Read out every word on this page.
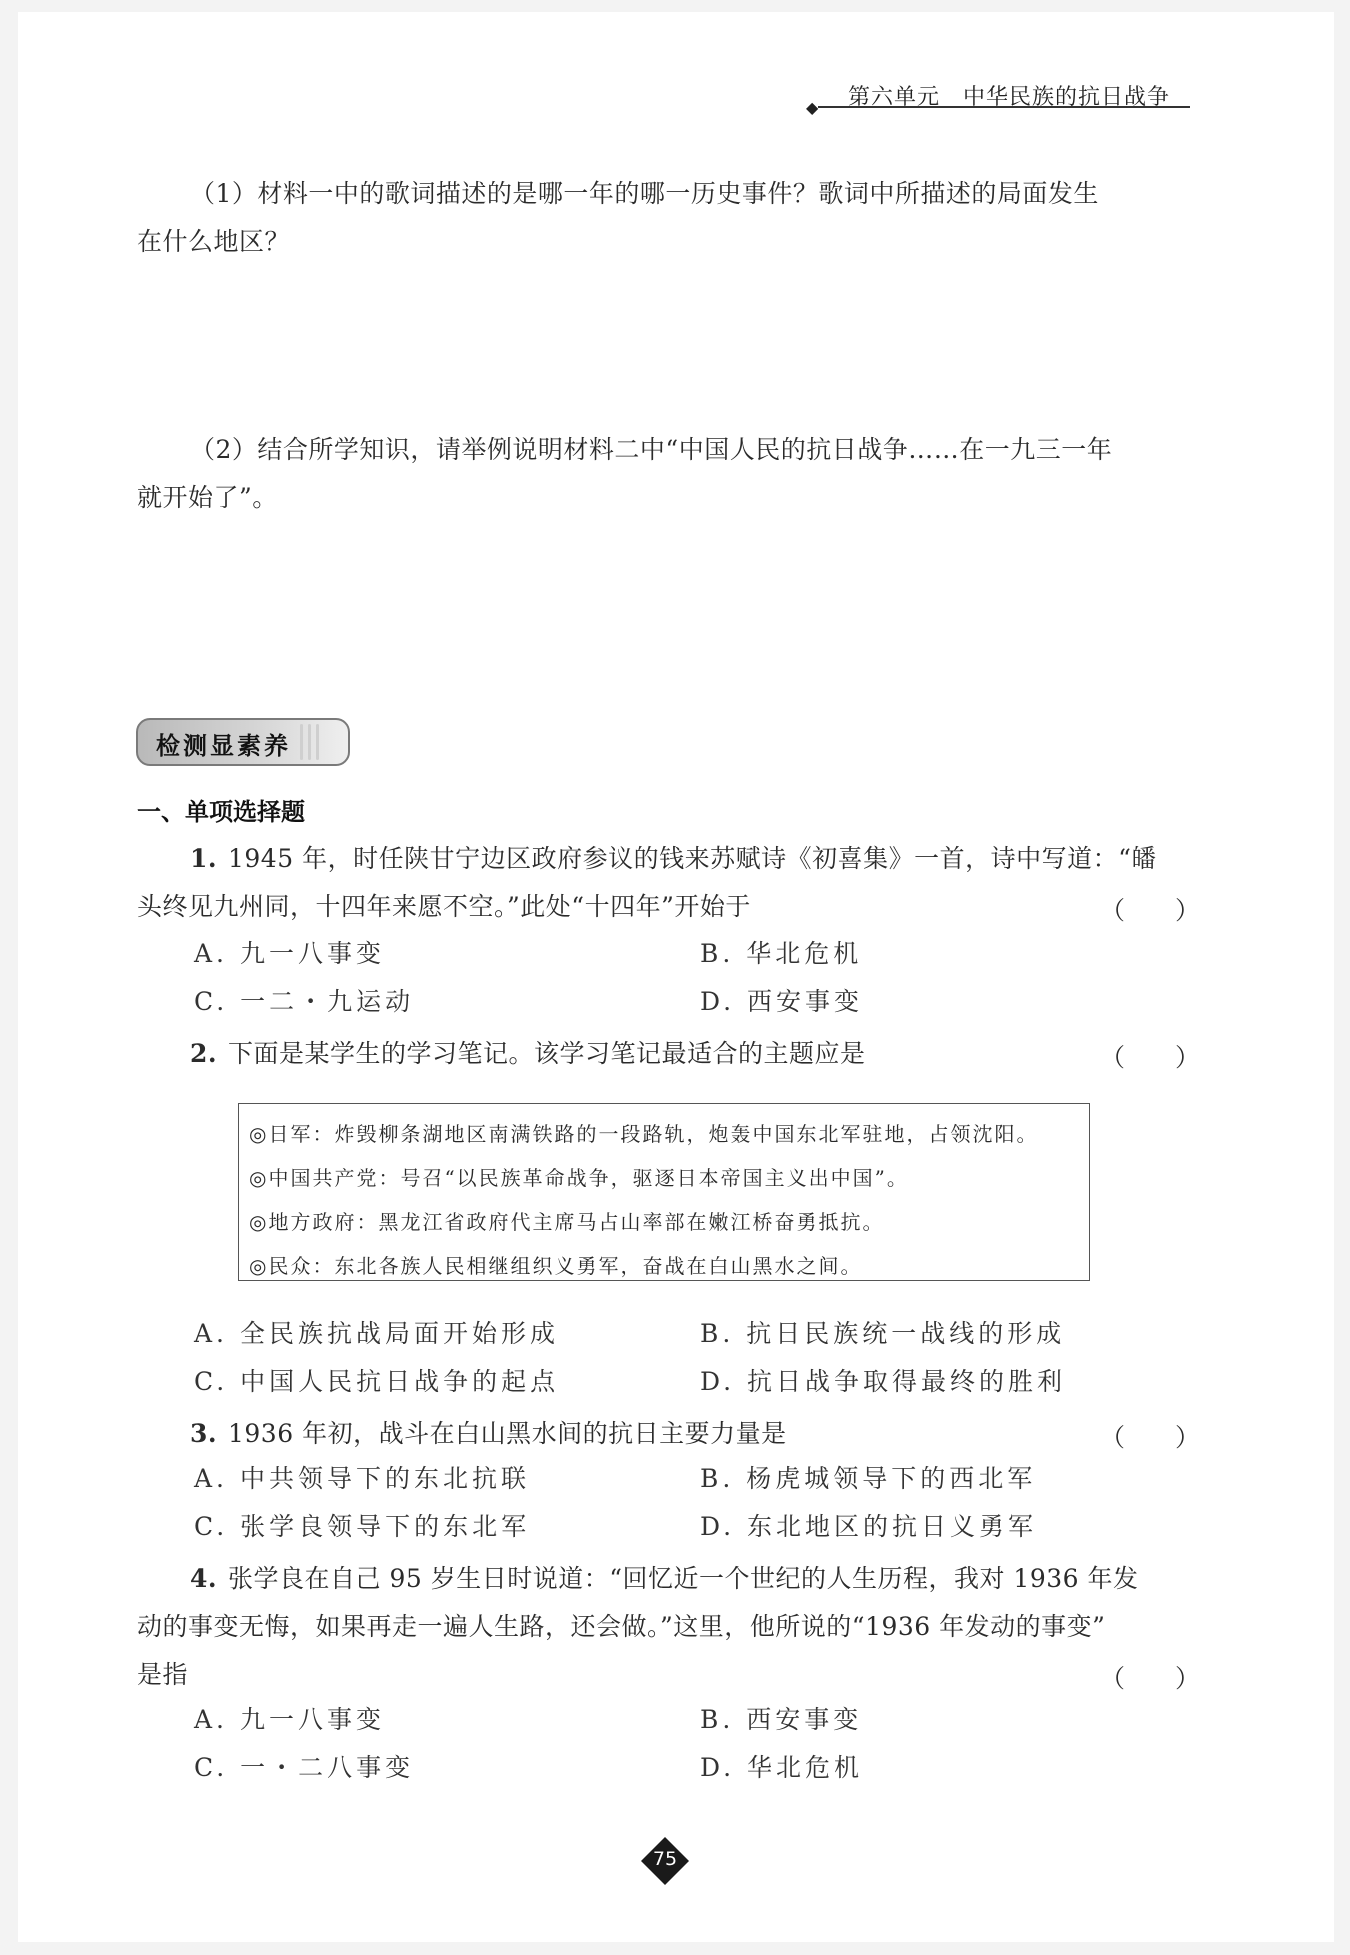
◆ 第六单元　中华民族的抗日战争
（1）材料一中的歌词描述的是哪一年的哪一历史事件？歌词中所描述的局面发生
在什么地区？
（2）结合所学知识，请举例说明材料二中“中国人民的抗日战争……在一九三一年
就开始了”。
检测显素养
一、单项选择题
1. 1945 年，时任陕甘宁边区政府参议的钱来苏赋诗《初喜集》一首，诗中写道：“皤
头终见九州同，十四年来愿不空。”此处“十四年”开始于	（　　）
A. 九一八事变	B. 华北危机
C. 一二・九运动	D. 西安事变
2. 下面是某学生的学习笔记。该学习笔记最适合的主题应是	（　　）
◎日军：炸毁柳条湖地区南满铁路的一段路轨，炮轰中国东北军驻地，占领沈阳。
◎中国共产党：号召“以民族革命战争，驱逐日本帝国主义出中国”。
◎地方政府：黑龙江省政府代主席马占山率部在嫩江桥奋勇抵抗。
◎民众：东北各族人民相继组织义勇军，奋战在白山黑水之间。
A. 全民族抗战局面开始形成	B. 抗日民族统一战线的形成
C. 中国人民抗日战争的起点	D. 抗日战争取得最终的胜利
3. 1936 年初，战斗在白山黑水间的抗日主要力量是	（　　）
A. 中共领导下的东北抗联	B. 杨虎城领导下的西北军
C. 张学良领导下的东北军	D. 东北地区的抗日义勇军
4. 张学良在自己 95 岁生日时说道：“回忆近一个世纪的人生历程，我对 1936 年发
动的事变无悔，如果再走一遍人生路，还会做。”这里，他所说的“1936 年发动的事变”
是指	（　　）
A. 九一八事变	B. 西安事变
C. 一・二八事变	D. 华北危机
75
